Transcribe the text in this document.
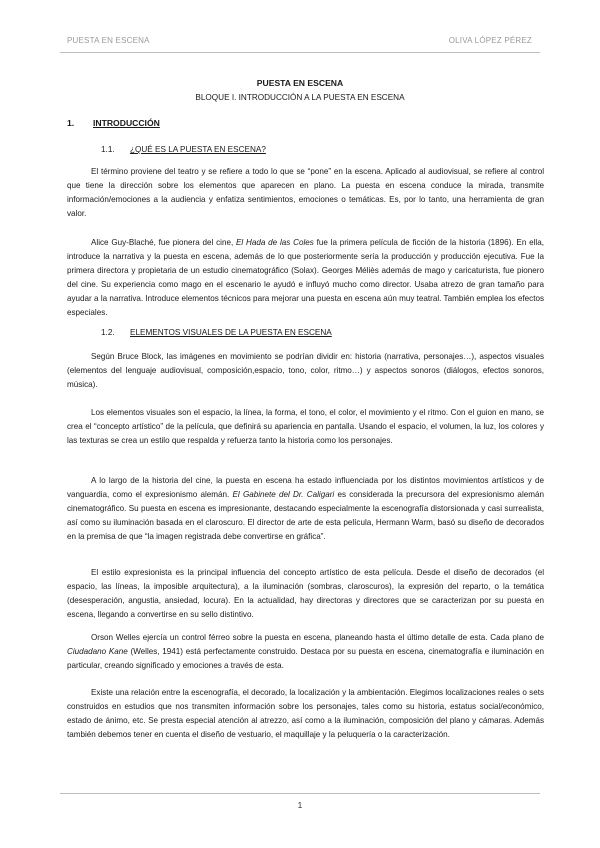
PUESTA EN ESCENA	OLIVA LÓPEZ PÉREZ
PUESTA EN ESCENA
BLOQUE I. INTRODUCCIÓN A LA PUESTA EN ESCENA
1. INTRODUCCIÓN
1.1. ¿QUÉ ES LA PUESTA EN ESCENA?

El término proviene del teatro y se refiere a todo lo que se “pone” en la escena. Aplicado al audiovisual, se refiere al control que tiene la dirección sobre los elementos que aparecen en plano. La puesta en escena conduce la mirada, transmite información/emociones a la audiencia y enfatiza sentimientos, emociones o temáticas. Es, por lo tanto, una herramienta de gran valor.

Alice Guy-Blaché, fue pionera del cine, El Hada de las Coles fue la primera película de ficción de la historia (1896). En ella, introduce la narrativa y la puesta en escena, además de lo que posteriormente sería la producción y producción ejecutiva. Fue la primera directora y propietaria de un estudio cinematográfico (Solax). Georges Méliès además de mago y caricaturista, fue pionero del cine. Su experiencia como mago en el escenario le ayudó e influyó mucho como director. Usaba atrezo de gran tamaño para ayudar a la narrativa. Introduce elementos técnicos para mejorar una puesta en escena aún muy teatral. También emplea los efectos especiales.

1.2. ELEMENTOS VISUALES DE LA PUESTA EN ESCENA

Según Bruce Block, las imágenes en movimiento se podrían dividir en: historia (narrativa, personajes…), aspectos visuales (elementos del lenguaje audiovisual, composición,espacio, tono, color, ritmo…) y aspectos sonoros (diálogos, efectos sonoros, música).

Los elementos visuales son el espacio, la línea, la forma, el tono, el color, el movimiento y el ritmo. Con el guion en mano, se crea el “concepto artístico” de la película, que definirá su apariencia en pantalla. Usando el espacio, el volumen, la luz, los colores y las texturas se crea un estilo que respalda y refuerza tanto la historia como los personajes.

A lo largo de la historia del cine, la puesta en escena ha estado influenciada por los distintos movimientos artísticos y de vanguardia, como el expresionismo alemán. El Gabinete del Dr. Caligari es considerada la precursora del expresionismo alemán cinematográfico. Su puesta en escena es impresionante, destacando especialmente la escenografía distorsionada y casi surrealista, así como su iluminación basada en el claroscuro. El director de arte de esta película, Hermann Warm, basó su diseño de decorados en la premisa de que “la imagen registrada debe convertirse en gráfica”.

El estilo expresionista es la principal influencia del concepto artístico de esta película. Desde el diseño de decorados (el espacio, las líneas, la imposible arquitectura), a la iluminación (sombras, claroscuros), la expresión del reparto, o la temática (desesperación, angustia, ansiedad, locura). En la actualidad, hay directoras y directores que se caracterizan por su puesta en escena, llegando a convertirse en su sello distintivo.

Orson Welles ejercía un control férreo sobre la puesta en escena, planeando hasta el último detalle de esta. Cada plano de Ciudadano Kane (Welles, 1941) está perfectamente construido. Destaca por su puesta en escena, cinematografía e iluminación en particular, creando significado y emociones a través de esta.

Existe una relación entre la escenografía, el decorado, la localización y la ambientación. Elegimos localizaciones reales o sets construidos en estudios que nos transmiten información sobre los personajes, tales como su historia, estatus social/económico, estado de ánimo, etc. Se presta especial atención al atrezzo, así como a la iluminación, composición del plano y cámaras. Además también debemos tener en cuenta el diseño de vestuario, el maquillaje y la peluquería o la caracterización.

1
